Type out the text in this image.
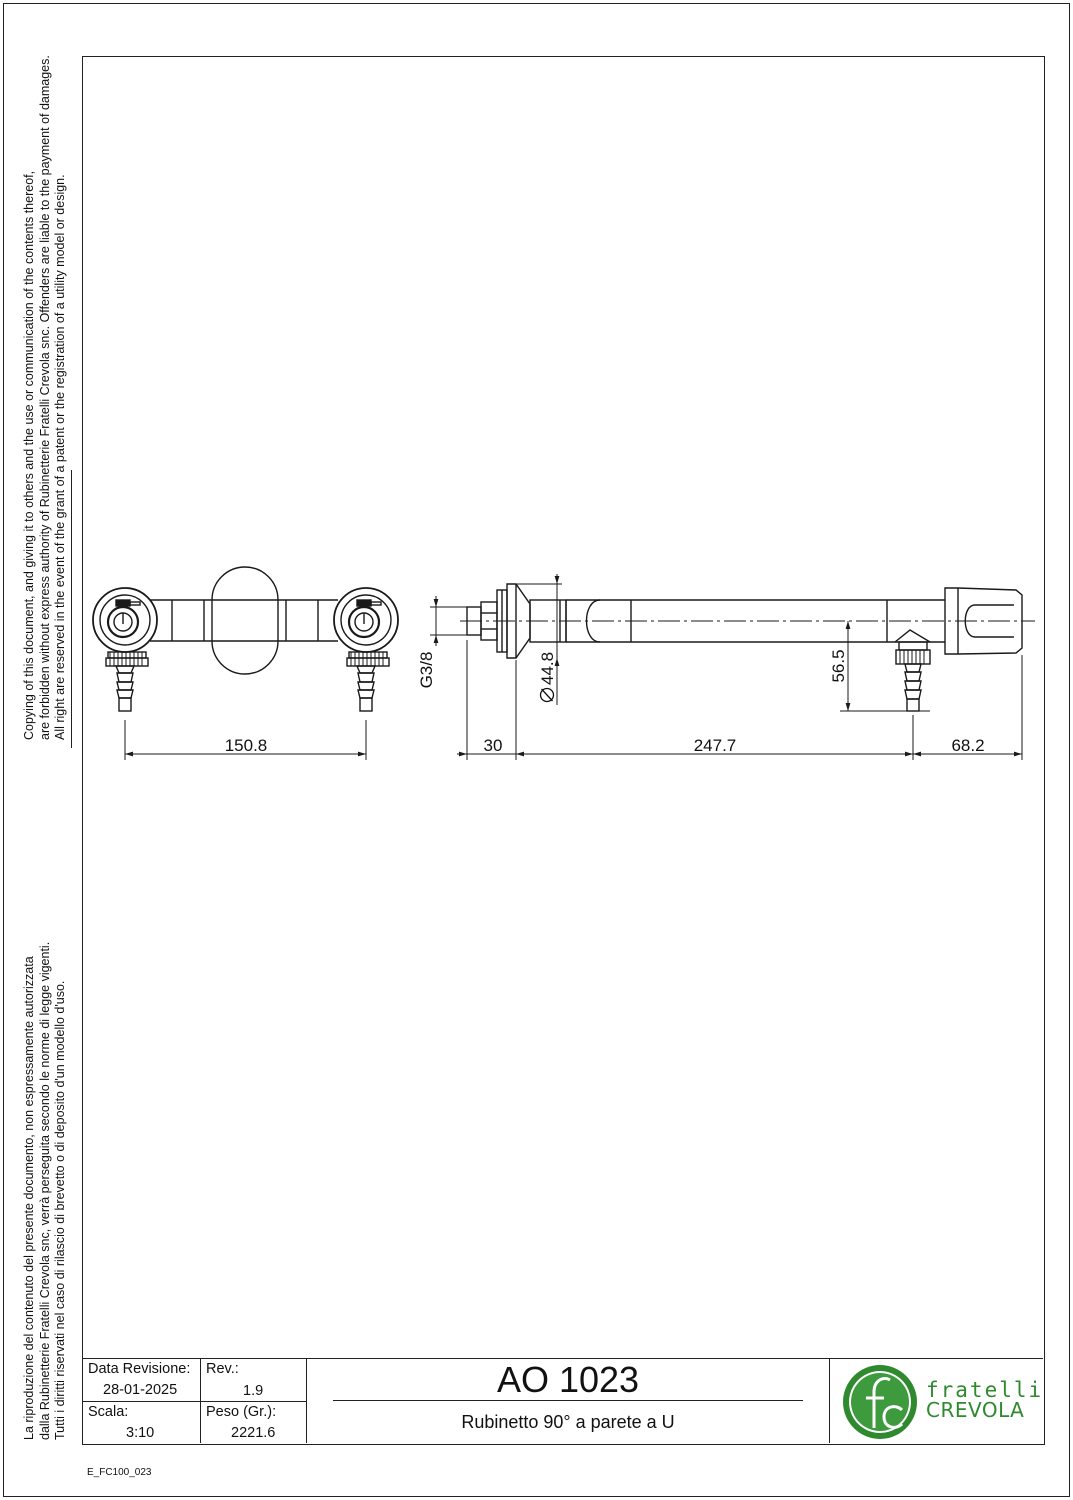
Copying of this document, and giving it to others and the use or communication of the contents thereof, are forbidden without express authority of Rubinetterie Fratelli Crevola snc. Offenders are liable to the payment of damages. All right are reserved in the event of the grant of a patent or the registration of a utility model or design.
La riproduzione del contenuto del presente documento, non espressamente autorizzata dalla Rubinetterie Fratelli Crevola snc, verrà perseguita secondo le norme di legge vigenti. Tutti i diritti riservati nel caso di rilascio di brevetto o di deposito d'un modello d'uso.
150.8	30	247.7	68.2
G3/8	44.8	56.5
Data Revisione:
28-01-2025
Rev.:
1.9
Scala:
3:10
Peso (Gr.):
2221.6
AO 1023
Rubinetto 90° a parete a U
fratelli
CREVOLA
E_FC100_023
